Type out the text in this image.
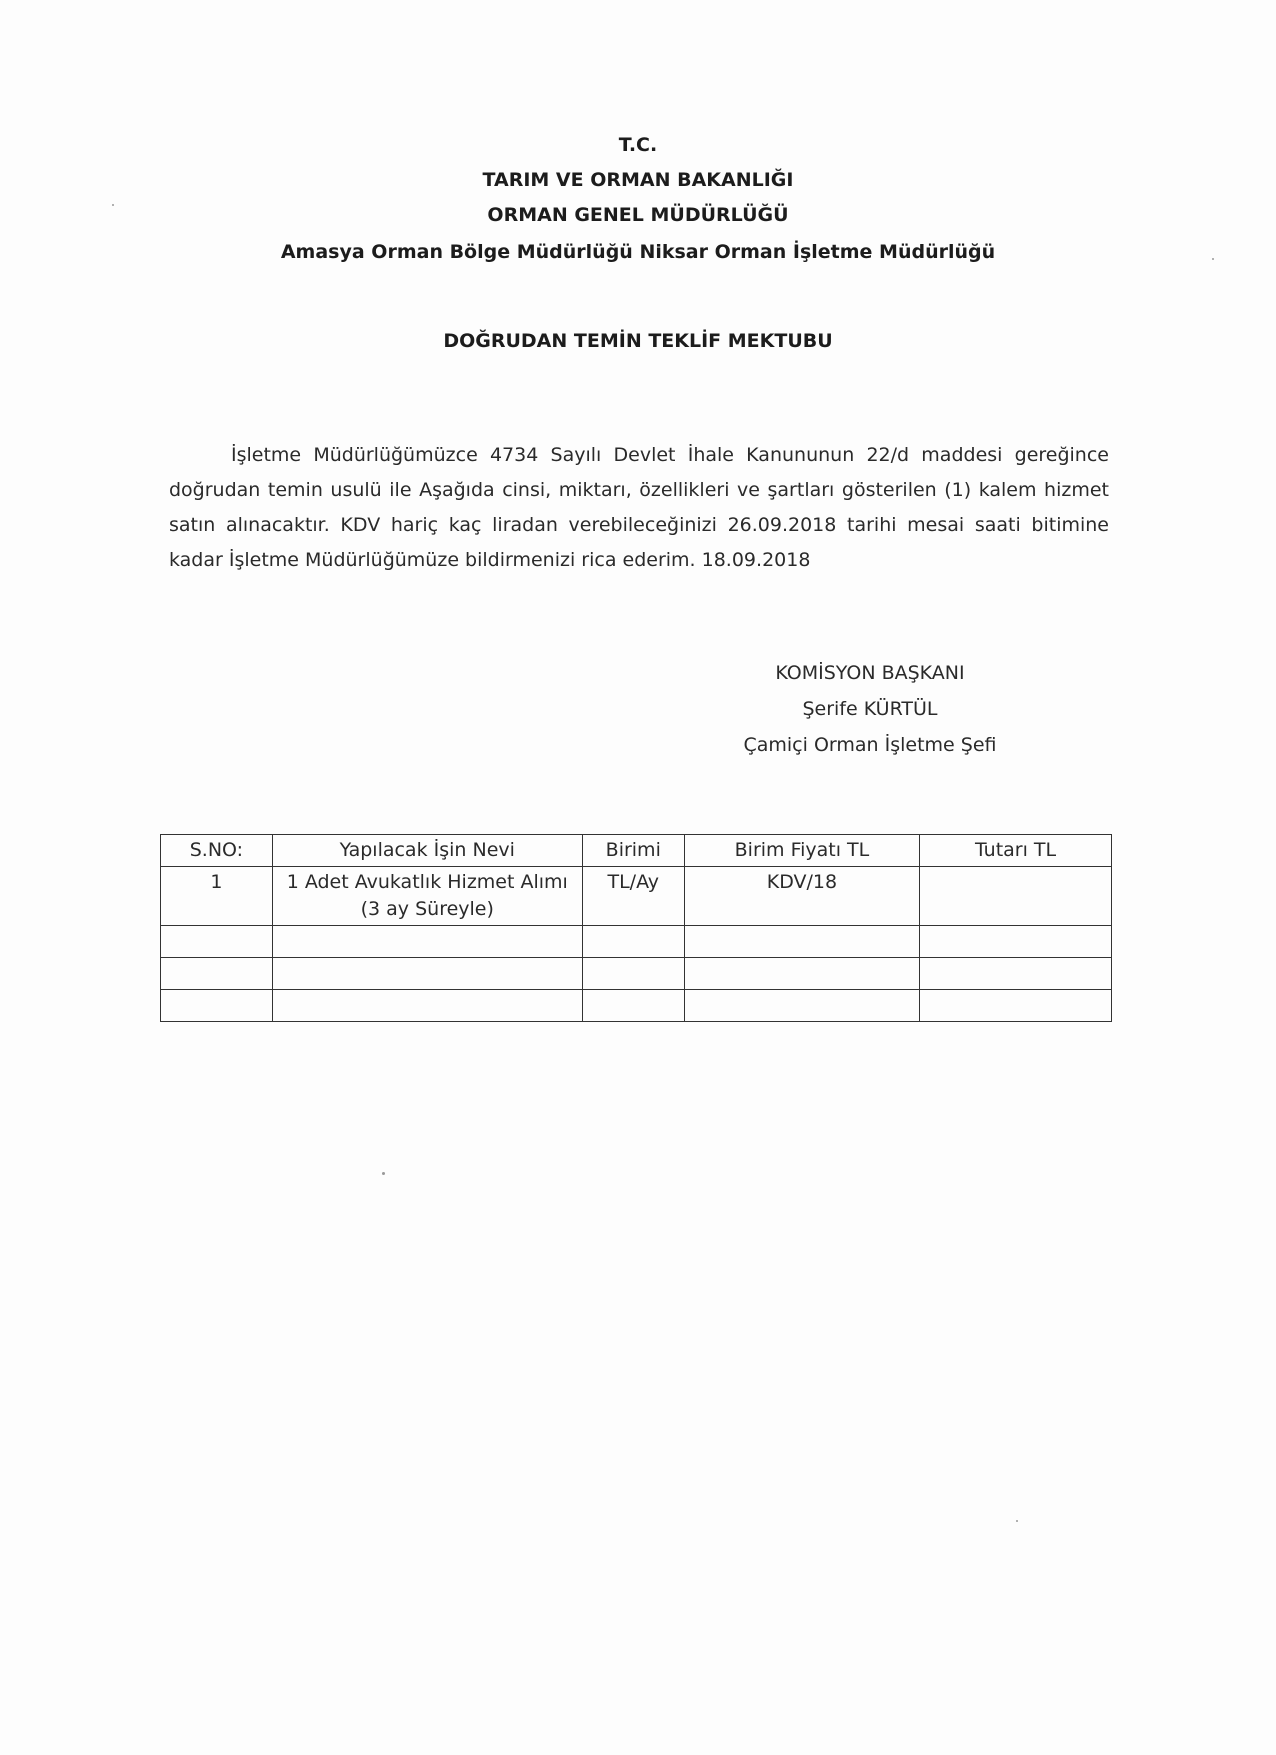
T.C.
TARIM VE ORMAN BAKANLIĞI
ORMAN GENEL MÜDÜRLÜĞÜ
Amasya Orman Bölge Müdürlüğü Niksar Orman İşletme Müdürlüğü
DOĞRUDAN TEMİN TEKLİF MEKTUBU
İşletme Müdürlüğümüzce 4734 Sayılı Devlet İhale Kanununun 22/d maddesi gereğince doğrudan temin usulü ile Aşağıda cinsi, miktarı, özellikleri ve şartları gösterilen (1) kalem hizmet satın alınacaktır. KDV hariç kaç liradan verebileceğinizi 26.09.2018 tarihi mesai saati bitimine kadar İşletme Müdürlüğümüze bildirmenizi rica ederim. 18.09.2018
KOMİSYON BAŞKANI
Şerife KÜRTÜL
Çamiçi Orman İşletme Şefi
S.NO:	Yapılacak İşin Nevi	Birimi	Birim Fiyatı TL	Tutarı TL
1	1 Adet Avukatlık Hizmet Alımı (3 ay Süreyle)	TL/Ay	KDV/18	
